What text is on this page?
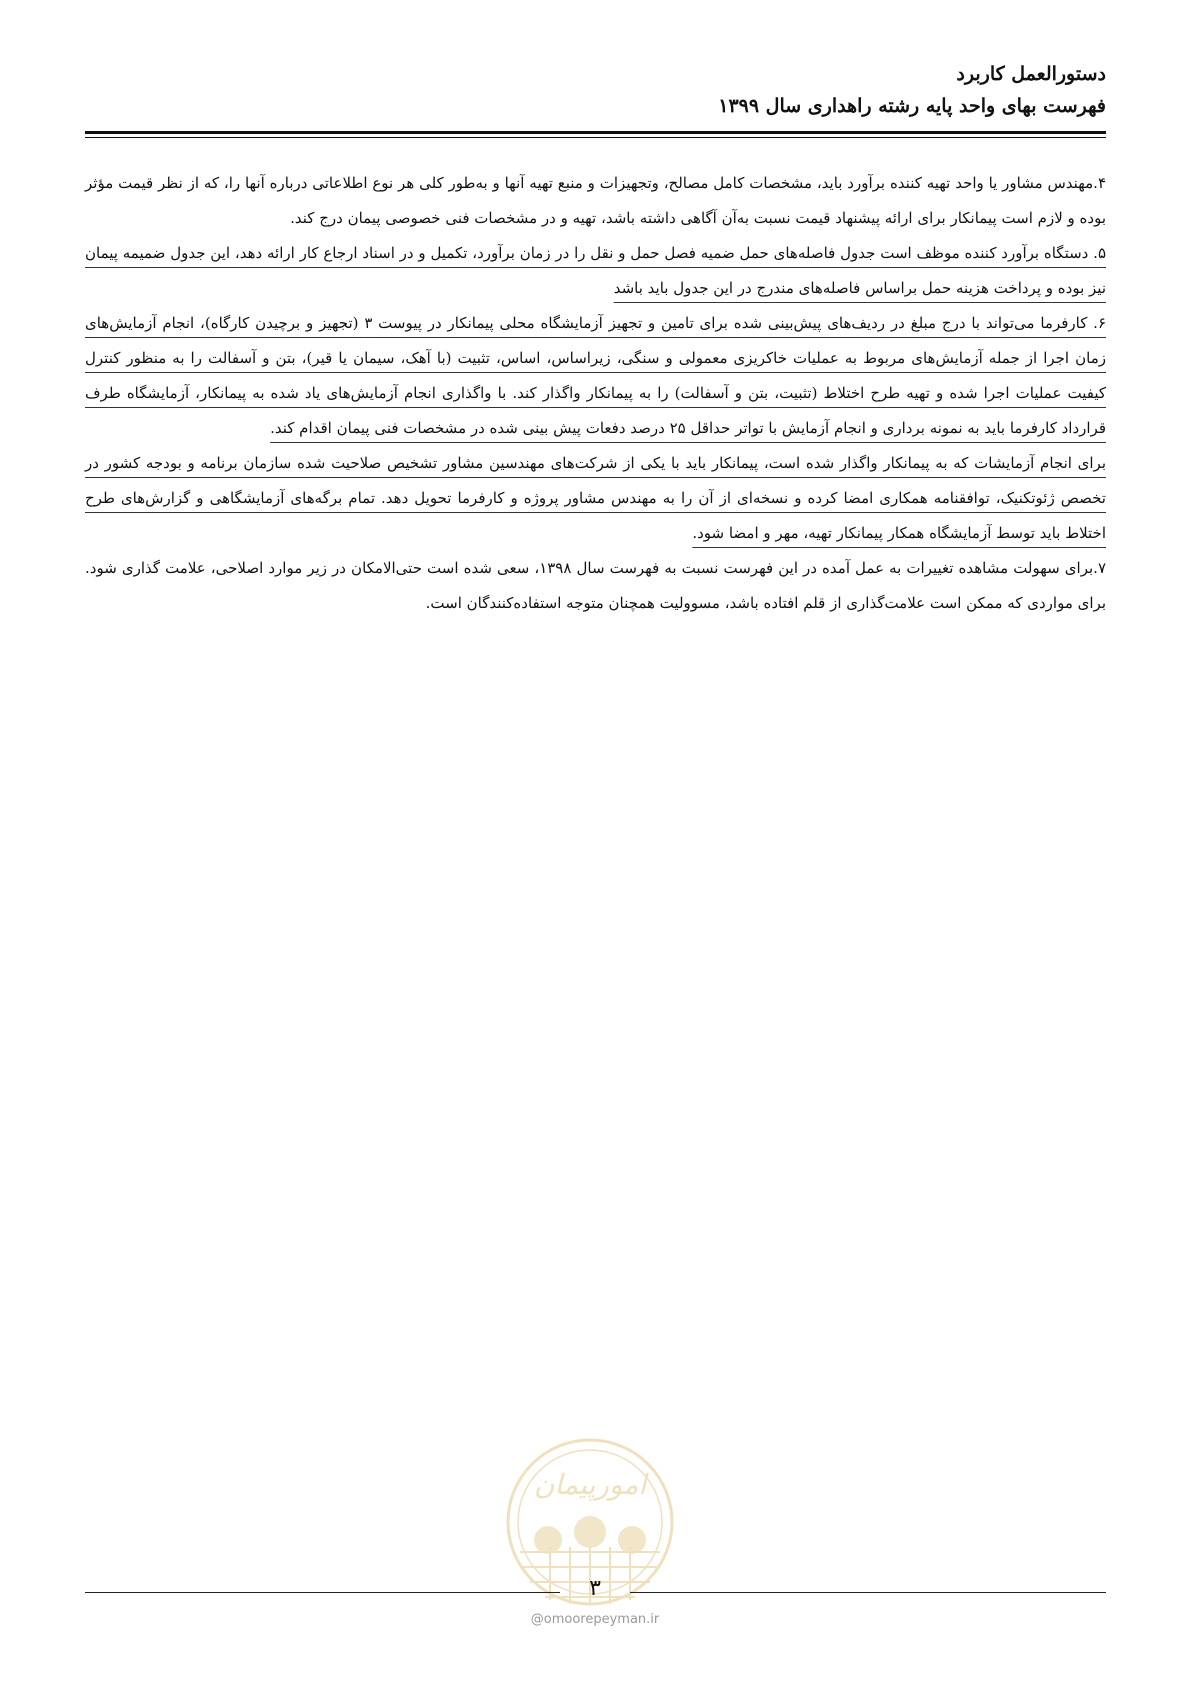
دستورالعمل کاربرد
فهرست بهای واحد پایه رشته راهداری سال ۱۳۹۹

۴.مهندس مشاور یا واحد تهیه کننده برآورد باید، مشخصات کامل مصالح، وتجهیزات و منبع تهیه آنها و به‌طور کلی هر نوع اطلاعاتی درباره آنها را، که از نظر قیمت مؤثر بوده و لازم است پیمانکار برای ارائه پیشنهاد قیمت نسبت به‌آن آگاهی داشته باشد، تهیه و در مشخصات فنی خصوصی پیمان درج کند.

۵. دستگاه برآورد کننده موظف است جدول فاصله‌های حمل ضمیه فصل حمل و نقل را در زمان برآورد، تکمیل و در اسناد ارجاع کار ارائه دهد، این جدول ضمیمه پیمان نیز بوده و پرداخت هزینه حمل براساس فاصله‌های مندرج در این جدول باید باشد

۶. کارفرما می‌تواند با درج مبلغ در ردیف‌های پیش‌بینی شده برای تامین و تجهیز آزمایشگاه محلی پیمانکار در پیوست ۳ (تجهیز و برچیدن کارگاه)، انجام آزمایش‌های زمان اجرا از جمله آزمایش‌های مربوط به عملیات خاکریزی معمولی و سنگی، زیراساس، اساس، تثبیت (با آهک، سیمان یا قیر)، بتن و آسفالت را به منظور کنترل کیفیت عملیات اجرا شده و تهیه طرح اختلاط (تثبیت، بتن و آسفالت) را به پیمانکار واگذار کند. با واگذاری انجام آزمایش‌های یاد شده به پیمانکار، آزمایشگاه طرف قرارداد کارفرما باید به نمونه برداری و انجام آزمایش با تواتر حداقل ۲۵ درصد دفعات پیش بینی شده در مشخصات فنی پیمان اقدام کند.

برای انجام آزمایشات که به پیمانکار واگذار شده است، پیمانکار باید با یکی از شرکت‌های مهندسین مشاور تشخیص صلاحیت شده سازمان برنامه و بودجه کشور در تخصص ژئوتکنیک، توافقنامه همکاری امضا کرده و نسخه‌ای از آن را به مهندس مشاور پروژه و کارفرما تحویل دهد. تمام برگه‌های آزمایشگاهی و گزارش‌های طرح اختلاط باید توسط آزمایشگاه همکار پیمانکار تهیه، مهر و امضا شود.

۷.برای سهولت مشاهده تغییرات به عمل آمده در این فهرست نسبت به فهرست سال ۱۳۹۸، سعی شده است حتی‌الامکان در زیر موارد اصلاحی، علامت گذاری شود. برای مواردی که ممکن است علامت‌گذاری از قلم افتاده باشد، مسوولیت همچنان متوجه استفاده‌کنندگان است.

امورپیمان
۳
@omoorepeyman.ir
